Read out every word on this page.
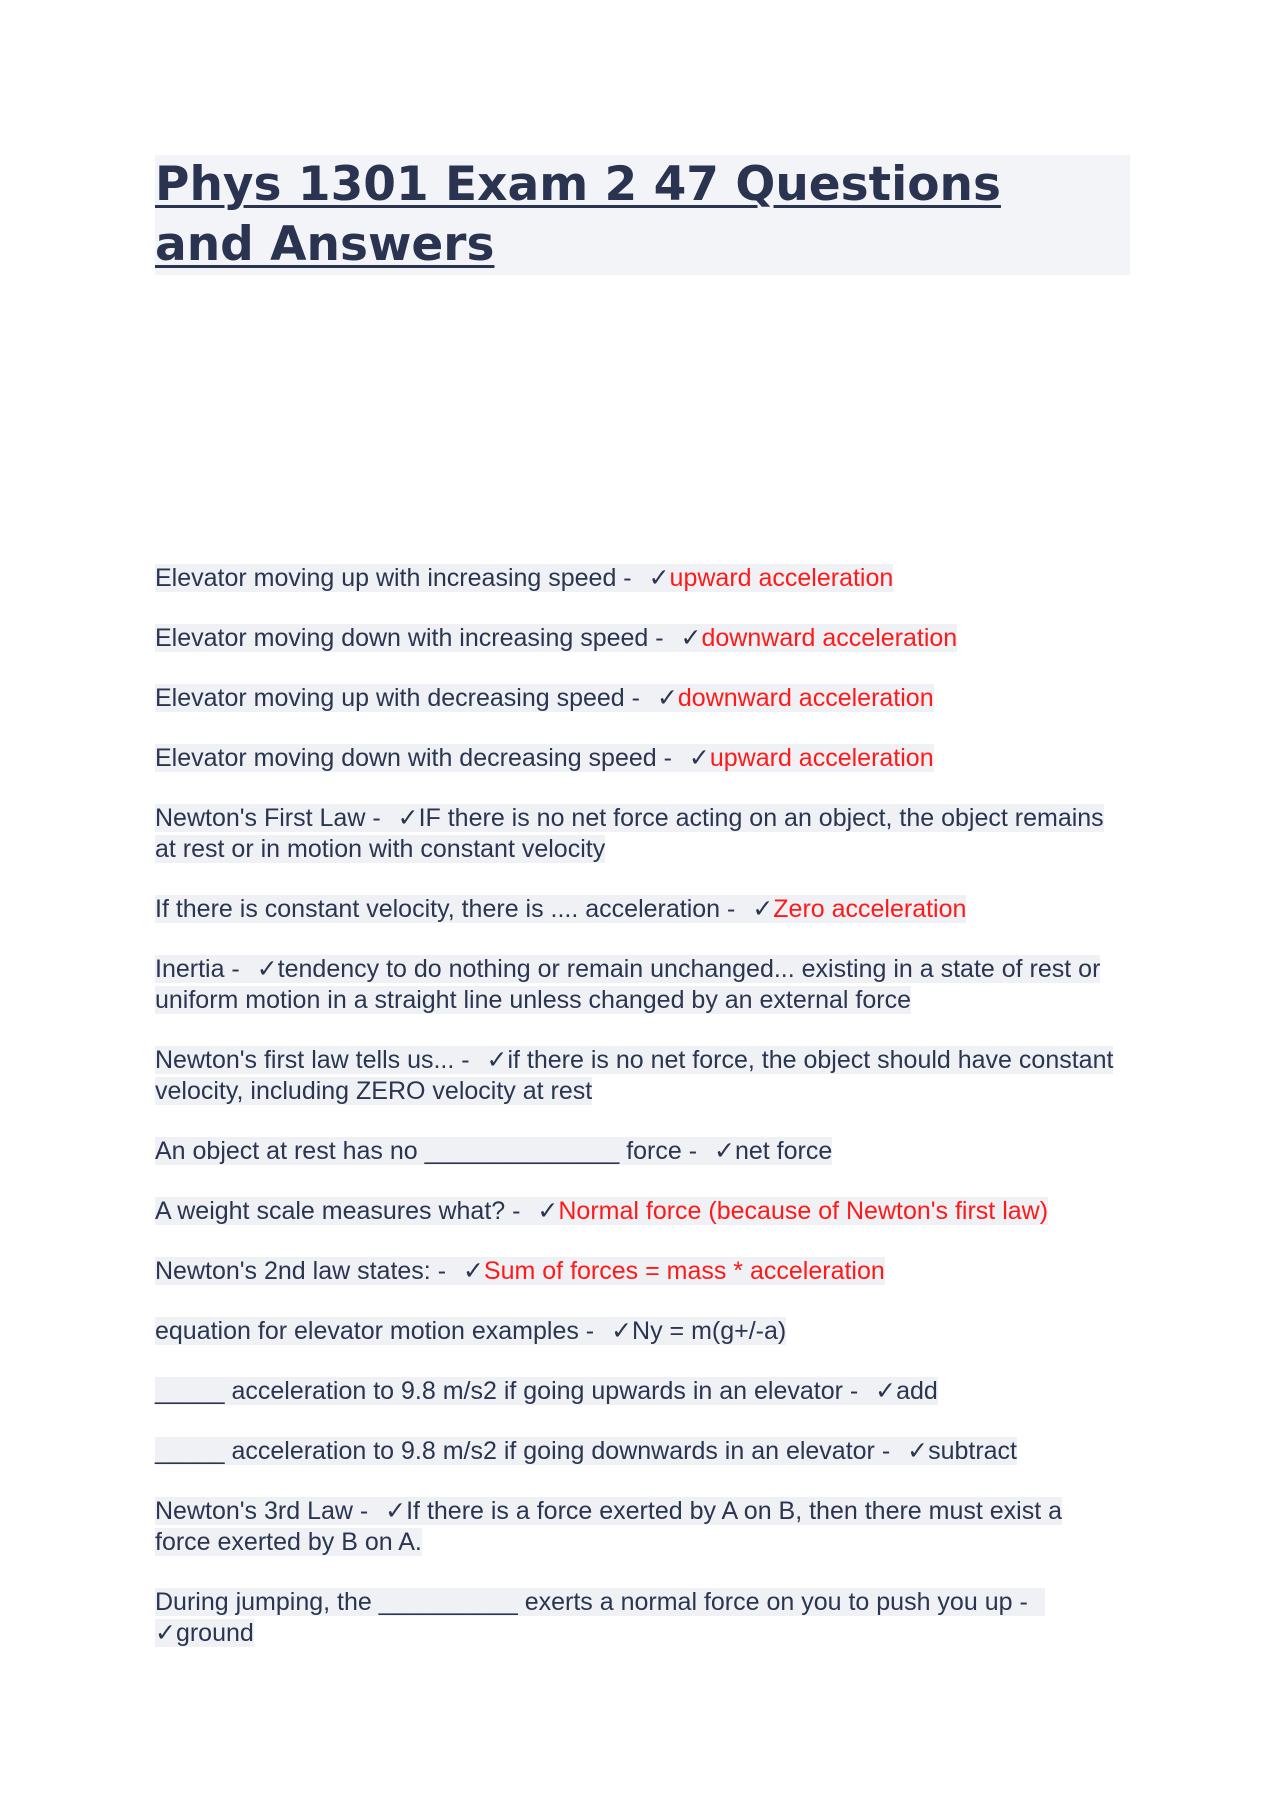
Phys 1301 Exam 2 47 Questions and Answers
Elevator moving up with increasing speed - ✓upward acceleration
Elevator moving down with increasing speed - ✓downward acceleration
Elevator moving up with decreasing speed - ✓downward acceleration
Elevator moving down with decreasing speed - ✓upward acceleration
Newton's First Law - ✓IF there is no net force acting on an object, the object remains at rest or in motion with constant velocity
If there is constant velocity, there is .... acceleration - ✓Zero acceleration
Inertia - ✓tendency to do nothing or remain unchanged... existing in a state of rest or uniform motion in a straight line unless changed by an external force
Newton's first law tells us... - ✓if there is no net force, the object should have constant velocity, including ZERO velocity at rest
An object at rest has no ______________ force - ✓net force
A weight scale measures what? - ✓Normal force (because of Newton's first law)
Newton's 2nd law states: - ✓Sum of forces = mass * acceleration
equation for elevator motion examples - ✓Ny = m(g+/-a)
_____ acceleration to 9.8 m/s2 if going upwards in an elevator - ✓add
_____ acceleration to 9.8 m/s2 if going downwards in an elevator - ✓subtract
Newton's 3rd Law - ✓If there is a force exerted by A on B, then there must exist a force exerted by B on A.
During jumping, the __________ exerts a normal force on you to push you up - ✓ground
